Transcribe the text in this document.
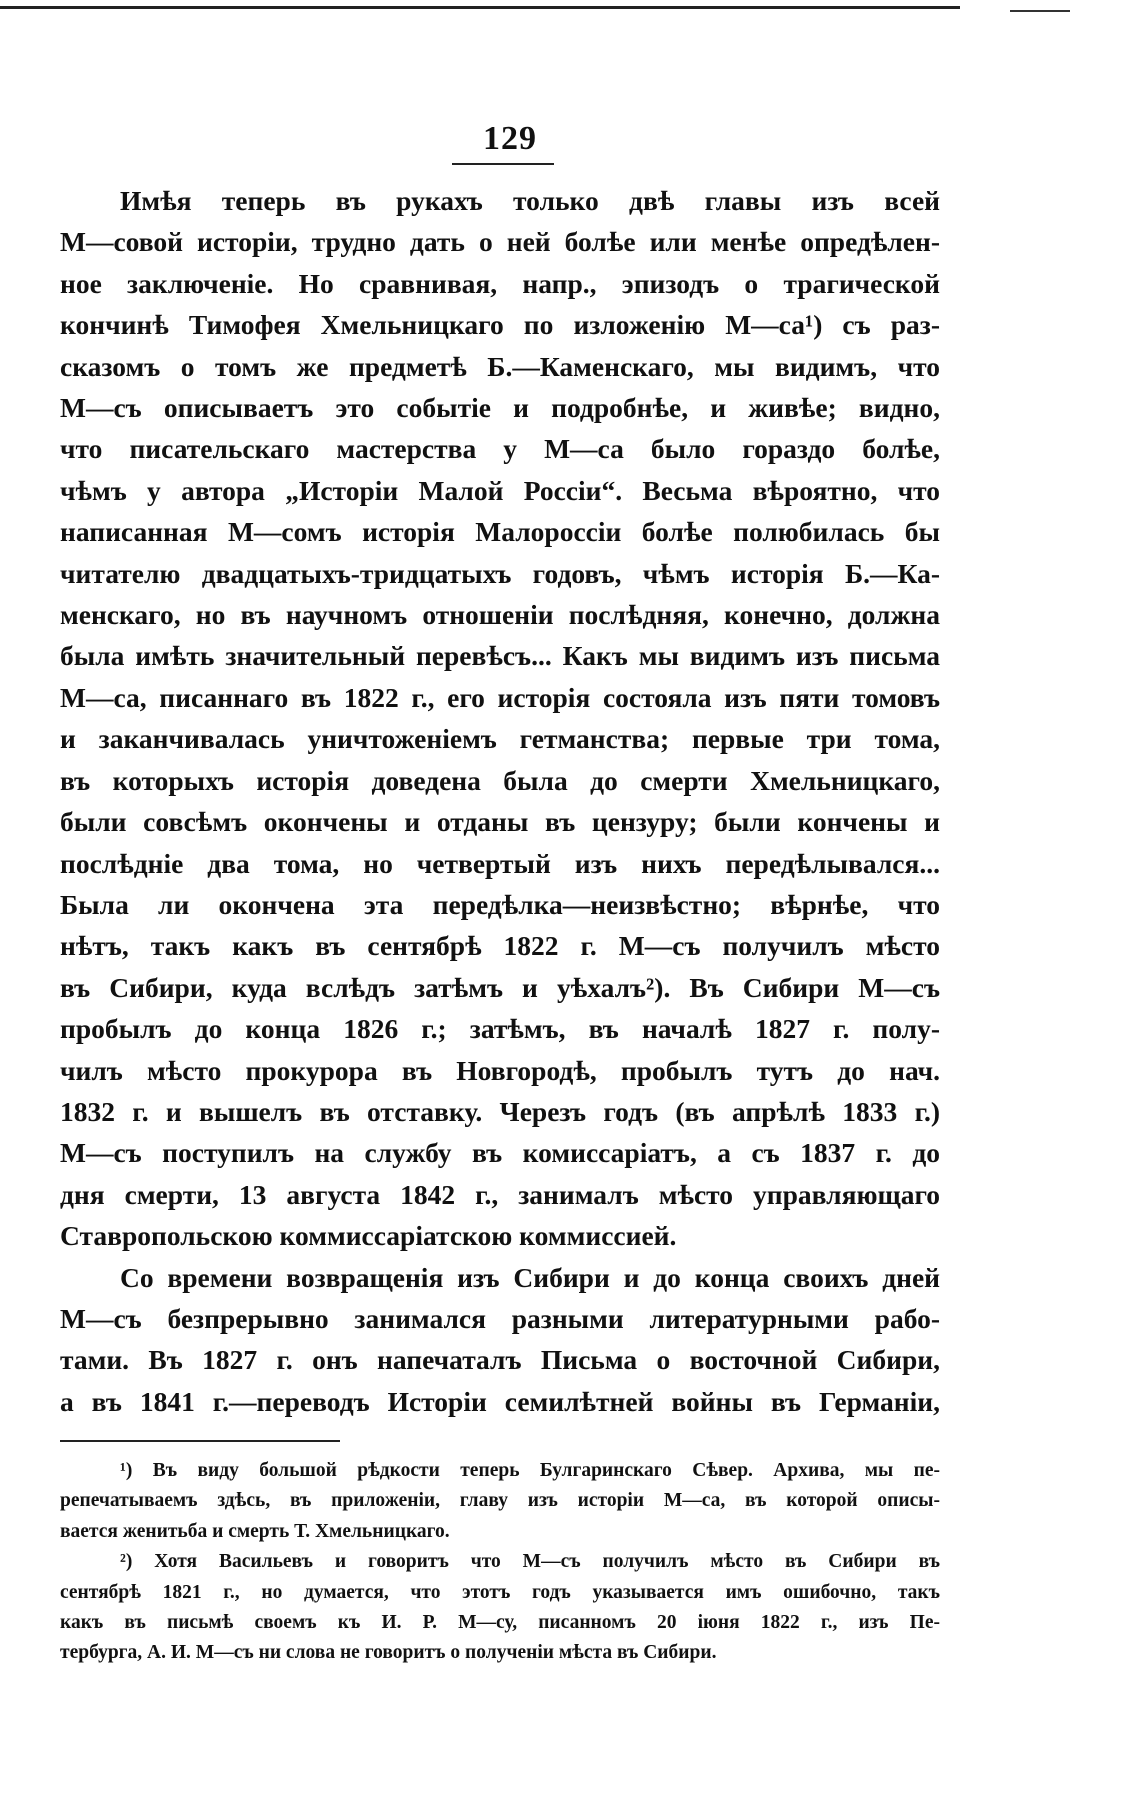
129
Имѣя теперь въ рукахъ только двѣ главы изъ всей
М—совой исторіи, трудно дать о ней болѣе или менѣе опредѣлен-
ное заключеніе. Но сравнивая, напр., эпизодъ о трагической
кончинѣ Тимофея Хмельницкаго по изложенію М—са¹) съ раз-
сказомъ о томъ же предметѣ Б.—Каменскаго, мы видимъ, что
М—съ описываетъ это событіе и подробнѣе, и живѣе; видно,
что писательскаго мастерства у М—са было гораздо болѣе,
чѣмъ у автора „Исторіи Малой Россіи“. Весьма вѣроятно, что
написанная М—сомъ исторія Малороссіи болѣе полюбилась бы
читателю двадцатыхъ-тридцатыхъ годовъ, чѣмъ исторія Б.—Ка-
менскаго, но въ научномъ отношеніи послѣдняя, конечно, должна
была имѣть значительный перевѣсъ... Какъ мы видимъ изъ письма
М—са, писаннаго въ 1822 г., его исторія состояла изъ пяти томовъ
и заканчивалась уничтоженіемъ гетманства; первые три тома,
въ которыхъ исторія доведена была до смерти Хмельницкаго,
были совсѣмъ окончены и отданы въ цензуру; были кончены и
послѣдніе два тома, но четвертый изъ нихъ передѣлывался...
Была ли окончена эта передѣлка—неизвѣстно; вѣрнѣе, что
нѣтъ, такъ какъ въ сентябрѣ 1822 г. М—съ получилъ мѣсто
въ Сибири, куда вслѣдъ затѣмъ и уѣхалъ²). Въ Сибири М—съ
пробылъ до конца 1826 г.; затѣмъ, въ началѣ 1827 г. полу-
чилъ мѣсто прокурора въ Новгородѣ, пробылъ тутъ до нач.
1832 г. и вышелъ въ отставку. Черезъ годъ (въ апрѣлѣ 1833 г.)
М—съ поступилъ на службу въ комиссаріатъ, а съ 1837 г. до
дня смерти, 13 августа 1842 г., занималъ мѣсто управляющаго
Ставропольскою коммиссаріатскою коммиссией.
Со времени возвращенія изъ Сибири и до конца своихъ дней
М—съ безпрерывно занимался разными литературными рабо-
тами. Въ 1827 г. онъ напечаталъ Письма о восточной Сибири,
а въ 1841 г.—переводъ Исторіи семилѣтней войны въ Германіи,
¹) Въ виду большой рѣдкости теперь Булгаринскаго Сѣвер. Архива, мы пе-
репечатываемъ здѣсь, въ приложеніи, главу изъ исторіи М—са, въ которой описы-
вается женитьба и смерть Т. Хмельницкаго.
²) Хотя Васильевъ и говоритъ что М—съ получилъ мѣсто въ Сибири въ
сентябрѣ 1821 г., но думается, что этотъ годъ указывается имъ ошибочно, такъ
какъ въ письмѣ своемъ къ И. Р. М—су, писанномъ 20 іюня 1822 г., изъ Пе-
тербурга, А. И. М—съ ни слова не говоритъ о полученіи мѣста въ Сибири.
